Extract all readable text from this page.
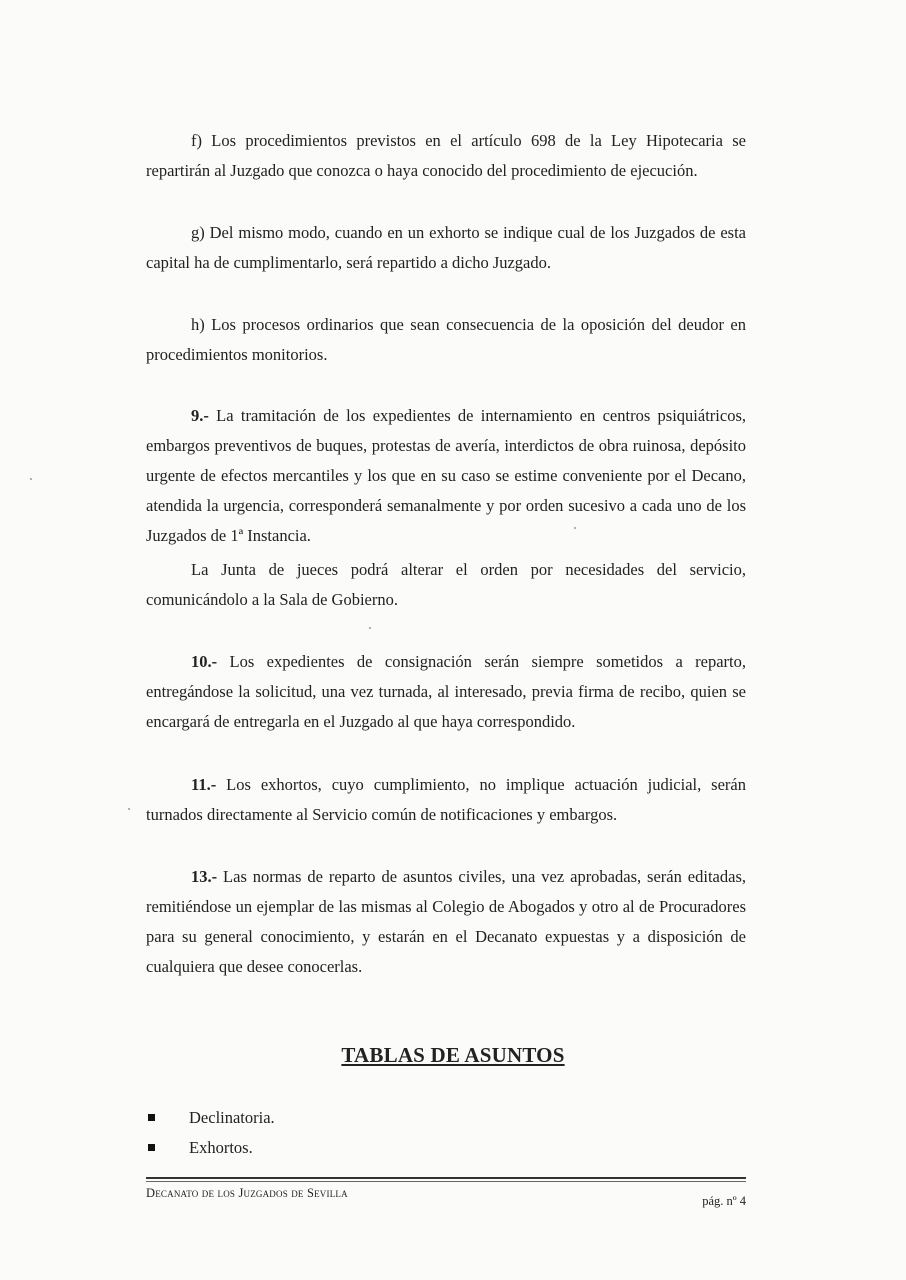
f) Los procedimientos previstos en el artículo 698 de la Ley Hipotecaria se repartirán al Juzgado que conozca o haya conocido del procedimiento de ejecución.

g) Del mismo modo, cuando en un exhorto se indique cual de los Juzgados de esta capital ha de cumplimentarlo, será repartido a dicho Juzgado.

h) Los procesos ordinarios que sean consecuencia de la oposición del deudor en procedimientos monitorios.

9.- La tramitación de los expedientes de internamiento en centros psiquiátricos, embargos preventivos de buques, protestas de avería, interdictos de obra ruinosa, depósito urgente de efectos mercantiles y los que en su caso se estime conveniente por el Decano, atendida la urgencia, corresponderá semanalmente y por orden sucesivo a cada uno de los Juzgados de 1ª Instancia.

La Junta de jueces podrá alterar el orden por necesidades del servicio, comunicándolo a la Sala de Gobierno.

10.- Los expedientes de consignación serán siempre sometidos a reparto, entregándose la solicitud, una vez turnada, al interesado, previa firma de recibo, quien se encargará de entregarla en el Juzgado al que haya correspondido.

11.- Los exhortos, cuyo cumplimiento, no implique actuación judicial, serán turnados directamente al Servicio común de notificaciones y embargos.

13.- Las normas de reparto de asuntos civiles, una vez aprobadas, serán editadas, remitiéndose un ejemplar de las mismas al Colegio de Abogados y otro al de Procuradores para su general conocimiento, y estarán en el Decanato expuestas y a disposición de cualquiera que desee conocerlas.

TABLAS DE ASUNTOS
Declinatoria.
Exhortos.
Decanato de los Juzgados de Sevilla
pág. nº 4
